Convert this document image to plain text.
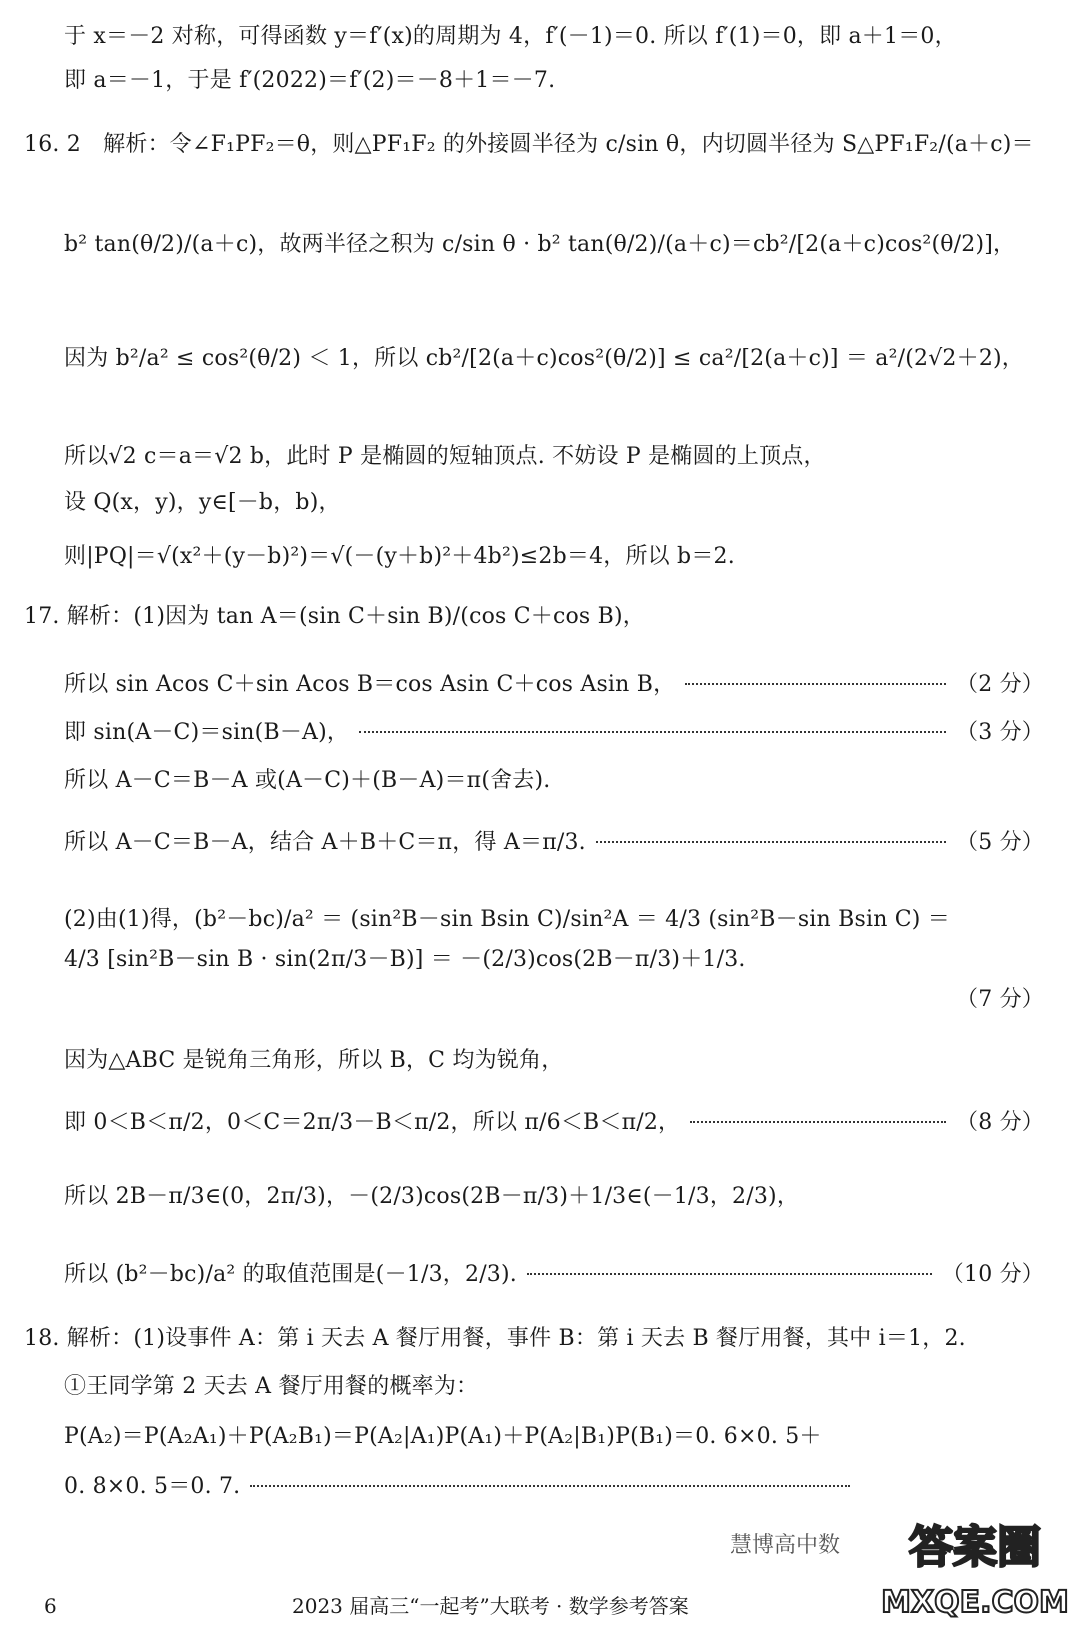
于 x＝－2 对称，可得函数 y＝f′(x)的周期为 4，f′(－1)＝0. 所以 f′(1)＝0，即 a＋1＝0，
即 a＝－1，于是 f′(2022)＝f′(2)＝－8＋1＝－7.
16. 2　解析：令∠F₁PF₂＝θ，则△PF₁F₂ 的外接圆半径为 c/sin θ，内切圆半径为 S△PF₁F₂/(a＋c)＝
b² tan(θ/2)/(a＋c)，故两半径之积为 c/sin θ · b² tan(θ/2)/(a＋c)＝cb²/[2(a＋c)cos²(θ/2)]，
因为 b²/a² ≤ cos²(θ/2) ＜ 1，所以 cb²/[2(a＋c)cos²(θ/2)] ≤ ca²/[2(a＋c)] ＝ a²/(2√2＋2)，
所以√2 c＝a＝√2 b，此时 P 是椭圆的短轴顶点. 不妨设 P 是椭圆的上顶点，
设 Q(x，y)，y∈[－b，b)，
则|PQ|＝√(x²＋(y－b)²)＝√(－(y＋b)²＋4b²)≤2b＝4，所以 b＝2.
17. 解析：(1)因为 tan A＝(sin C＋sin B)/(cos C＋cos B)，
所以 sin Acos C＋sin Acos B＝cos Asin C＋cos Asin B，	（2 分）
即 sin(A－C)＝sin(B－A)，	（3 分）
所以 A－C＝B－A 或(A－C)＋(B－A)＝π(舍去).
所以 A－C＝B－A，结合 A＋B＋C＝π，得 A＝π/3.	（5 分）
(2)由(1)得，(b²－bc)/a² ＝ (sin²B－sin Bsin C)/sin²A ＝ 4/3 (sin²B－sin Bsin C) ＝ 4/3 [sin²B－sin B · sin(2π/3－B)] ＝ －(2/3)cos(2B－π/3)＋1/3.
（7 分）
因为△ABC 是锐角三角形，所以 B，C 均为锐角，
即 0＜B＜π/2，0＜C＝2π/3－B＜π/2，所以 π/6＜B＜π/2，	（8 分）
所以 2B－π/3∈(0，2π/3)，－(2/3)cos(2B－π/3)＋1/3∈(－1/3，2/3)，
所以 (b²－bc)/a² 的取值范围是(－1/3，2/3).	（10 分）
18. 解析：(1)设事件 A：第 i 天去 A 餐厅用餐，事件 B：第 i 天去 B 餐厅用餐，其中 i＝1，2.
①王同学第 2 天去 A 餐厅用餐的概率为：
P(A₂)＝P(A₂A₁)＋P(A₂B₁)＝P(A₂|A₁)P(A₁)＋P(A₂|B₁)P(B₁)＝0. 6×0. 5＋
0. 8×0. 5＝0. 7.
慧博高中数 答案圈
MXQE.COM
6	2023 届高三“一起考”大联考 · 数学参考答案
